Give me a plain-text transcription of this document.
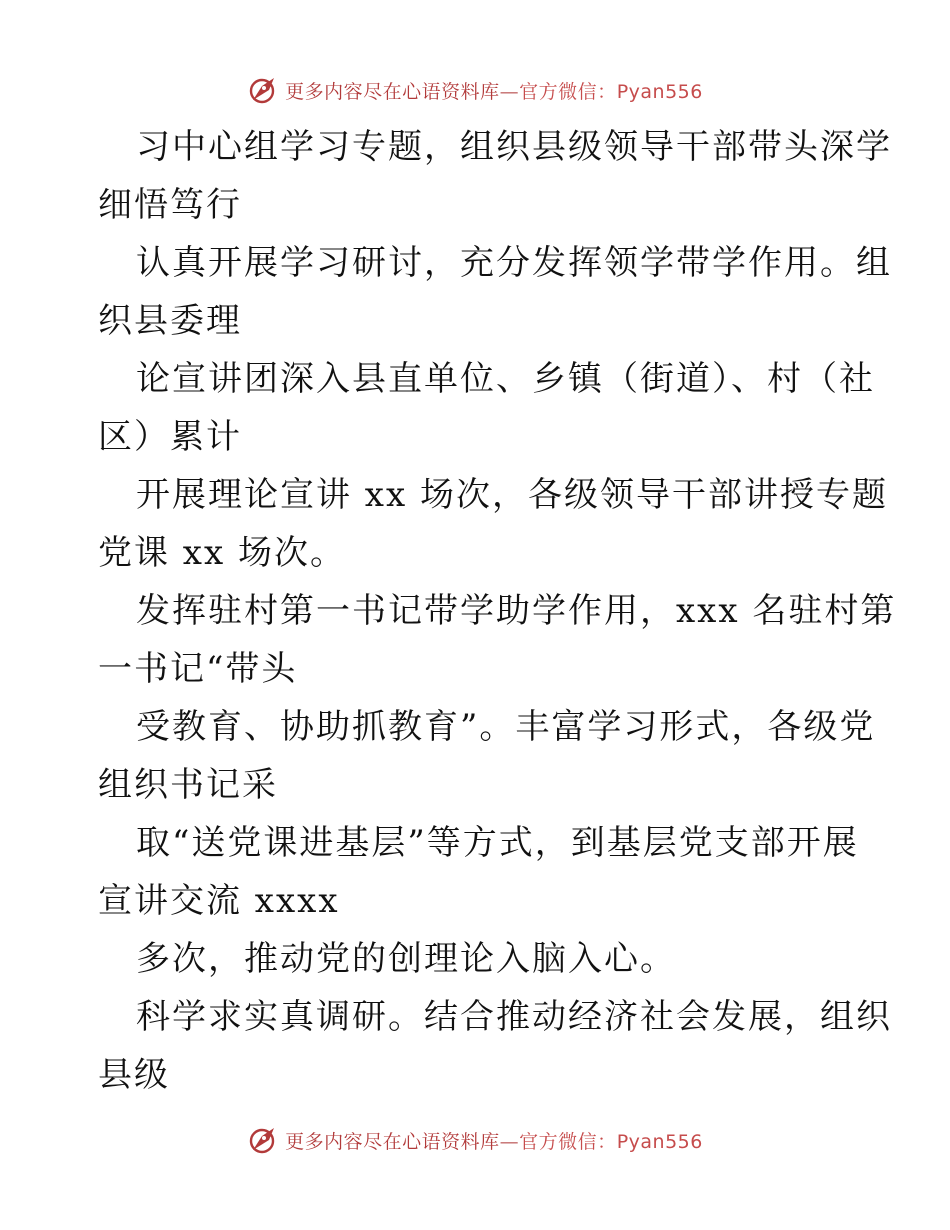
更多内容尽在心语资料库—官方微信：Pyan556
习中心组学习专题，组织县级领导干部带头深学
细悟笃行
认真开展学习研讨，充分发挥领学带学作用。组
织县委理
论宣讲团深入县直单位、乡镇（街道）、村（社
区）累计
开展理论宣讲 xx 场次，各级领导干部讲授专题
党课 xx 场次。
发挥驻村第一书记带学助学作用，xxx 名驻村第
一书记“带头
受教育、协助抓教育”。丰富学习形式，各级党
组织书记采
取“送党课进基层”等方式，到基层党支部开展
宣讲交流 xxxx
多次，推动党的创理论入脑入心。
科学求实真调研。结合推动经济社会发展，组织
县级
更多内容尽在心语资料库—官方微信：Pyan556
